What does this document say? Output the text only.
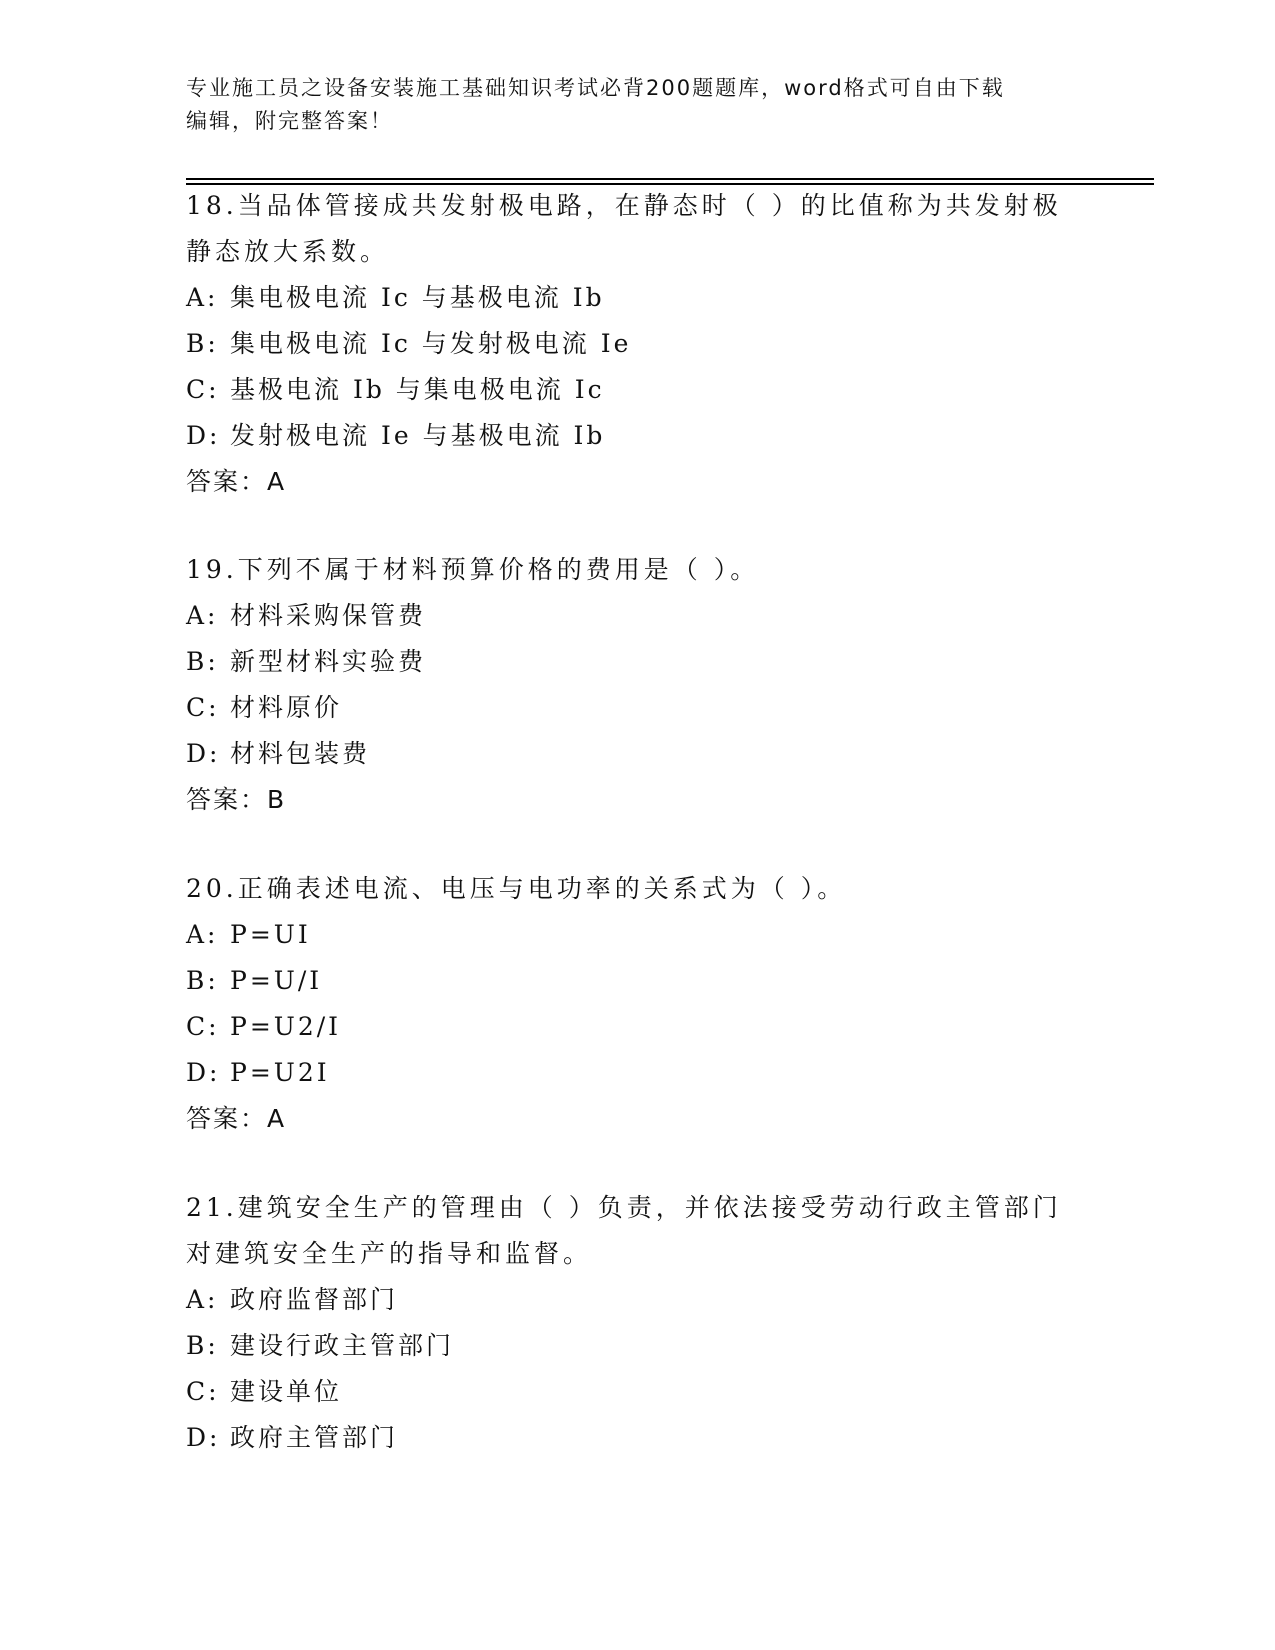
专业施工员之设备安装施工基础知识考试必背200题题库，word格式可自由下载
编辑，附完整答案！
18.当品体管接成共发射极电路，在静态时（ ）的比值称为共发射极
静态放大系数。
A: 集电极电流 Ic 与基极电流 Ib
B: 集电极电流 Ic 与发射极电流 Ie
C: 基极电流 Ib 与集电极电流 Ic
D: 发射极电流 Ie 与基极电流 Ib
答案：A
19.下列不属于材料预算价格的费用是（ ）。
A: 材料采购保管费
B: 新型材料实验费
C: 材料原价
D: 材料包装费
答案：B
20.正确表述电流、电压与电功率的关系式为（ ）。
A: P=UI
B: P=U/I
C: P=U2/I
D: P=U2I
答案：A
21.建筑安全生产的管理由（ ）负责，并依法接受劳动行政主管部门
对建筑安全生产的指导和监督。
A: 政府监督部门
B: 建设行政主管部门
C: 建设单位
D: 政府主管部门
